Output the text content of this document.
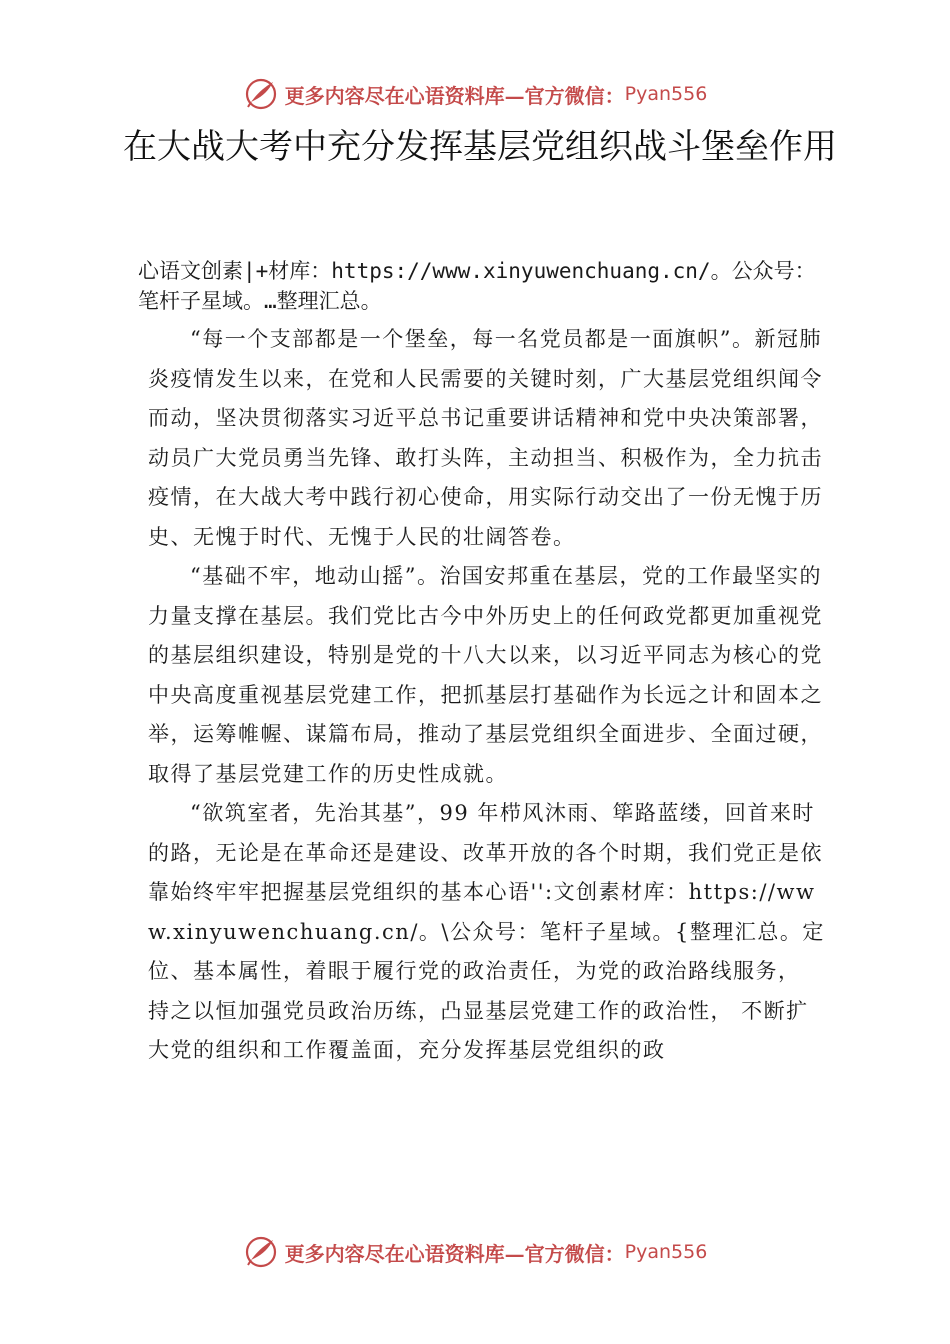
更多内容尽在心语资料库—官方微信： Pyan556
在大战大考中充分发挥基层党组织战斗堡垒作用

心语文创素|+材库：https://www.xinyuwenchuang.cn/。公众号：笔杆子星域。…整理汇总。

“每一个支部都是一个堡垒，每一名党员都是一面旗帜”。新冠肺炎疫情发生以来，在党和人民需要的关键时刻，广大基层党组织闻令而动，坚决贯彻落实习近平总书记重要讲话精神和党中央决策部署，动员广大党员勇当先锋、敢打头阵，主动担当、积极作为，全力抗击疫情，在大战大考中践行初心使命，用实际行动交出了一份无愧于历史、无愧于时代、无愧于人民的壮阔答卷。

“基础不牢，地动山摇”。治国安邦重在基层，党的工作最坚实的力量支撑在基层。我们党比古今中外历史上的任何政党都更加重视党的基层组织建设，特别是党的十八大以来，以习近平同志为核心的党中央高度重视基层党建工作，把抓基层打基础作为长远之计和固本之举，运筹帷幄、谋篇布局，推动了基层党组织全面进步、全面过硬，取得了基层党建工作的历史性成就。

“欲筑室者，先治其基”，99 年栉风沐雨、筚路蓝缕，回首来时的路，无论是在革命还是建设、改革开放的各个时期，我们党正是依靠始终牢牢把握基层党组织的基本心语'':文创素材库：https://www.xinyuwenchuang.cn/。\公众号：笔杆子星域。{整理汇总。定位、基本属性，着眼于履行党的政治责任，为党的政治路线服务， 持之以恒加强党员政治历练，凸显基层党建工作的政治性， 不断扩大党的组织和工作覆盖面，充分发挥基层党组织的政

更多内容尽在心语资料库—官方微信： Pyan556
